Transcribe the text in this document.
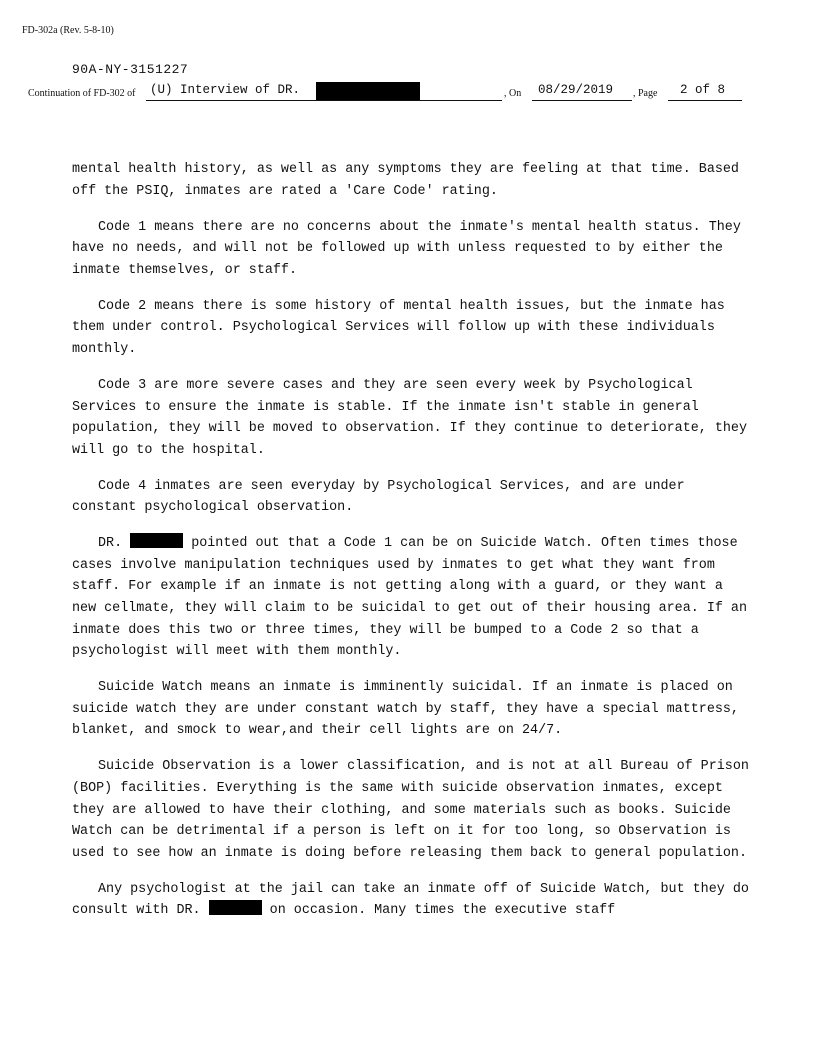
FD-302a (Rev. 5-8-10)
90A-NY-3151227
Continuation of FD-302 of (U) Interview of DR.	, On 08/29/2019 , Page 2 of 8

mental health history, as well as any symptoms they are feeling at that time. Based off the PSIQ, inmates are rated a 'Care Code' rating.

Code 1 means there are no concerns about the inmate's mental health status. They have no needs, and will not be followed up with unless requested to by either the inmate themselves, or staff.

Code 2 means there is some history of mental health issues, but the inmate has them under control. Psychological Services will follow up with these individuals monthly.

Code 3 are more severe cases and they are seen every week by Psychological Services to ensure the inmate is stable. If the inmate isn't stable in general population, they will be moved to observation. If they continue to deteriorate, they will go to the hospital.

Code 4 inmates are seen everyday by Psychological Services, and are under constant psychological observation.

DR.	pointed out that a Code 1 can be on Suicide Watch. Often times those cases involve manipulation techniques used by inmates to get what they want from staff. For example if an inmate is not getting along with a guard, or they want a new cellmate, they will claim to be suicidal to get out of their housing area. If an inmate does this two or three times, they will be bumped to a Code 2 so that a psychologist will meet with them monthly.

Suicide Watch means an inmate is imminently suicidal. If an inmate is placed on suicide watch they are under constant watch by staff, they have a special mattress, blanket, and smock to wear,and their cell lights are on 24/7.

Suicide Observation is a lower classification, and is not at all Bureau of Prison (BOP) facilities. Everything is the same with suicide observation inmates, except they are allowed to have their clothing, and some materials such as books. Suicide Watch can be detrimental if a person is left on it for too long, so Observation is used to see how an inmate is doing before releasing them back to general population.

Any psychologist at the jail can take an inmate off of Suicide Watch, but they do consult with DR.	on occasion. Many times the executive staff
